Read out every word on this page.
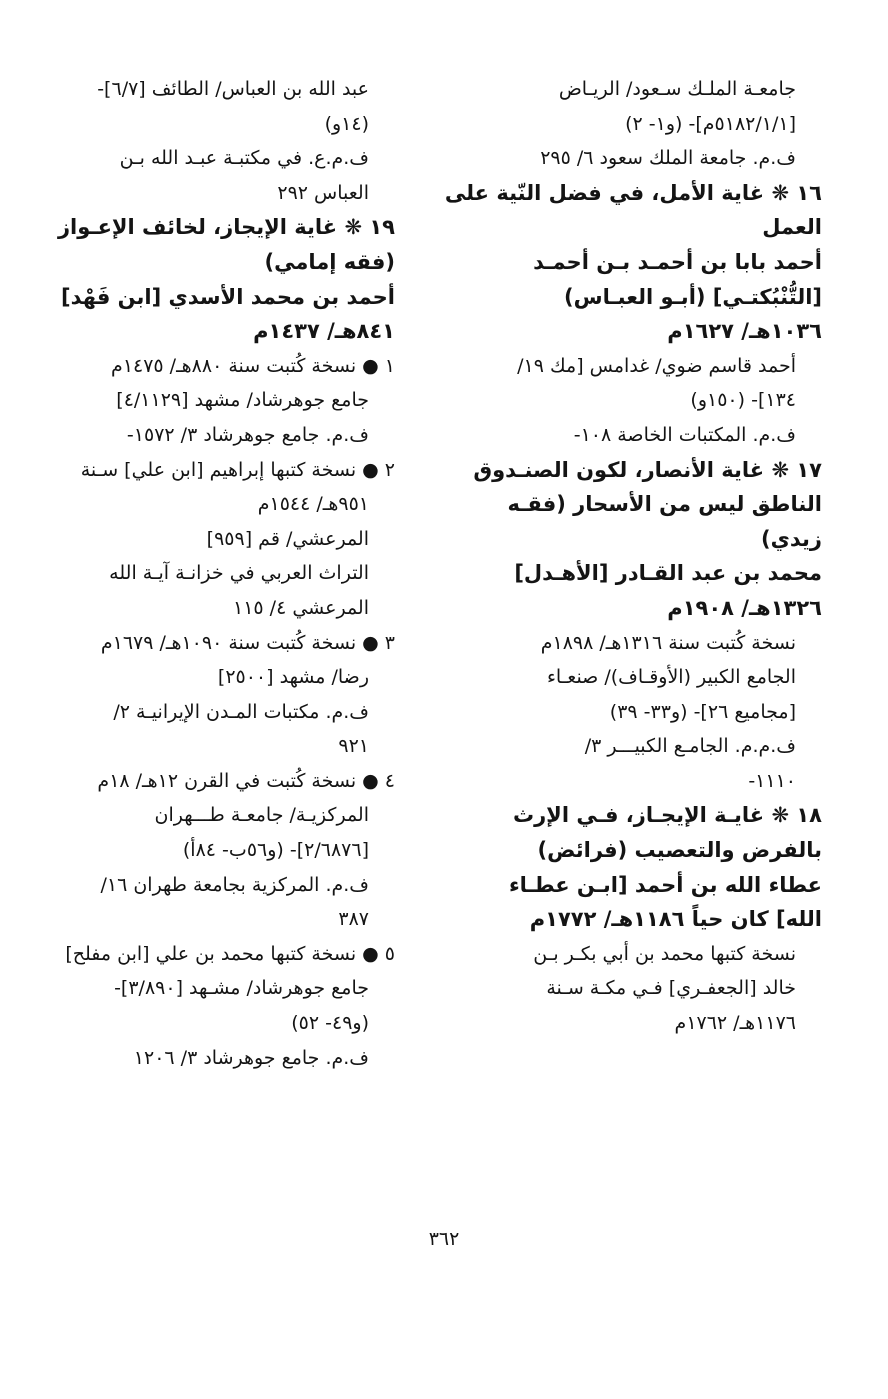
جامعـة الملـك سـعود/ الريـاض
[٥١٨٢/١/١م]- (و١- ٢)
ف.م. جامعة الملك سعود ٦/ ٢٩٥
١٦ ❋ غاية الأمل، في فضل النّية على
العمل
أحمد بابا بن أحمـد بـن أحمـد
[التُّنْبُكتـي] (أبـو العبـاس)
١٠٣٦هـ/ ١٦٢٧م
أحمد قاسم ضوي/ غدامس [مك ١٩/
١٣٤]- (١٥٠و)
ف.م. المكتبات الخاصة ١٠٨-
١٧ ❋ غاية الأنصار، لكون الصنـدوق
الناطق ليس من الأسحار (فقـه
زيدي)
محمد بن عبد القـادر [الأهـدل]
١٣٢٦هـ/ ١٩٠٨م
نسخة كُتبت سنة ١٣١٦هـ/ ١٨٩٨م
الجامع الكبير (الأوقـاف)/ صنعـاء
[مجاميع ٢٦]- (و٣٣- ٣٩)
ف.م.م. الجامـع الكبيـــر ٣/
١١١٠-
١٨ ❋ غايـة الإيجـاز، فـي الإرث
بالفرض والتعصيب (فرائض)
عطاء الله بن أحمد [ابـن عطـاء
الله] كان حياً ١١٨٦هـ/ ١٧٧٢م
نسخة كتبها محمد بن أبي بكـر بـن
خالد [الجعفـري] فـي مكـة سـنة
١١٧٦هـ/ ١٧٦٢م
عبد الله بن العباس/ الطائف [٦/٧]-
(١٤و)
ف.م.ع. في مكتبـة عبـد الله بـن
العباس ٢٩٢
١٩ ❋ غاية الإيجاز، لخائف الإعـواز
(فقه إمامي)
أحمد بن محمد الأسدي [ابن فَهْد]
٨٤١هـ/ ١٤٣٧م
١ ● نسخة كُتبت سنة ٨٨٠هـ/ ١٤٧٥م
جامع جوهرشاد/ مشهد [٤/١١٢٩]
ف.م. جامع جوهرشاد ٣/ ١٥٧٢-
٢ ● نسخة كتبها إبراهيم [ابن علي] سـنة
٩٥١هـ/ ١٥٤٤م
المرعشي/ قم [٩٥٩]
التراث العربي في خزانـة آيـة الله
المرعشي ٤/ ١١٥
٣ ● نسخة كُتبت سنة ١٠٩٠هـ/ ١٦٧٩م
رضا/ مشهد [٢٥٠٠]
ف.م. مكتبات المـدن الإيرانيـة ٢/
٩٢١
٤ ● نسخة كُتبت في القرن ١٢هـ/ ١٨م
المركزيـة/ جامعـة طـــهران
[٢/٦٨٧٦]- (و٥٦ب- ٨٤أ)
ف.م. المركزية بجامعة طهران ١٦/
٣٨٧
٥ ● نسخة كتبها محمد بن علي [ابن مفلح]
جامع جوهرشاد/ مشـهد [٣/٨٩٠]-
(و٤٩- ٥٢)
ف.م. جامع جوهرشاد ٣/ ١٢٠٦
٣٦٢
